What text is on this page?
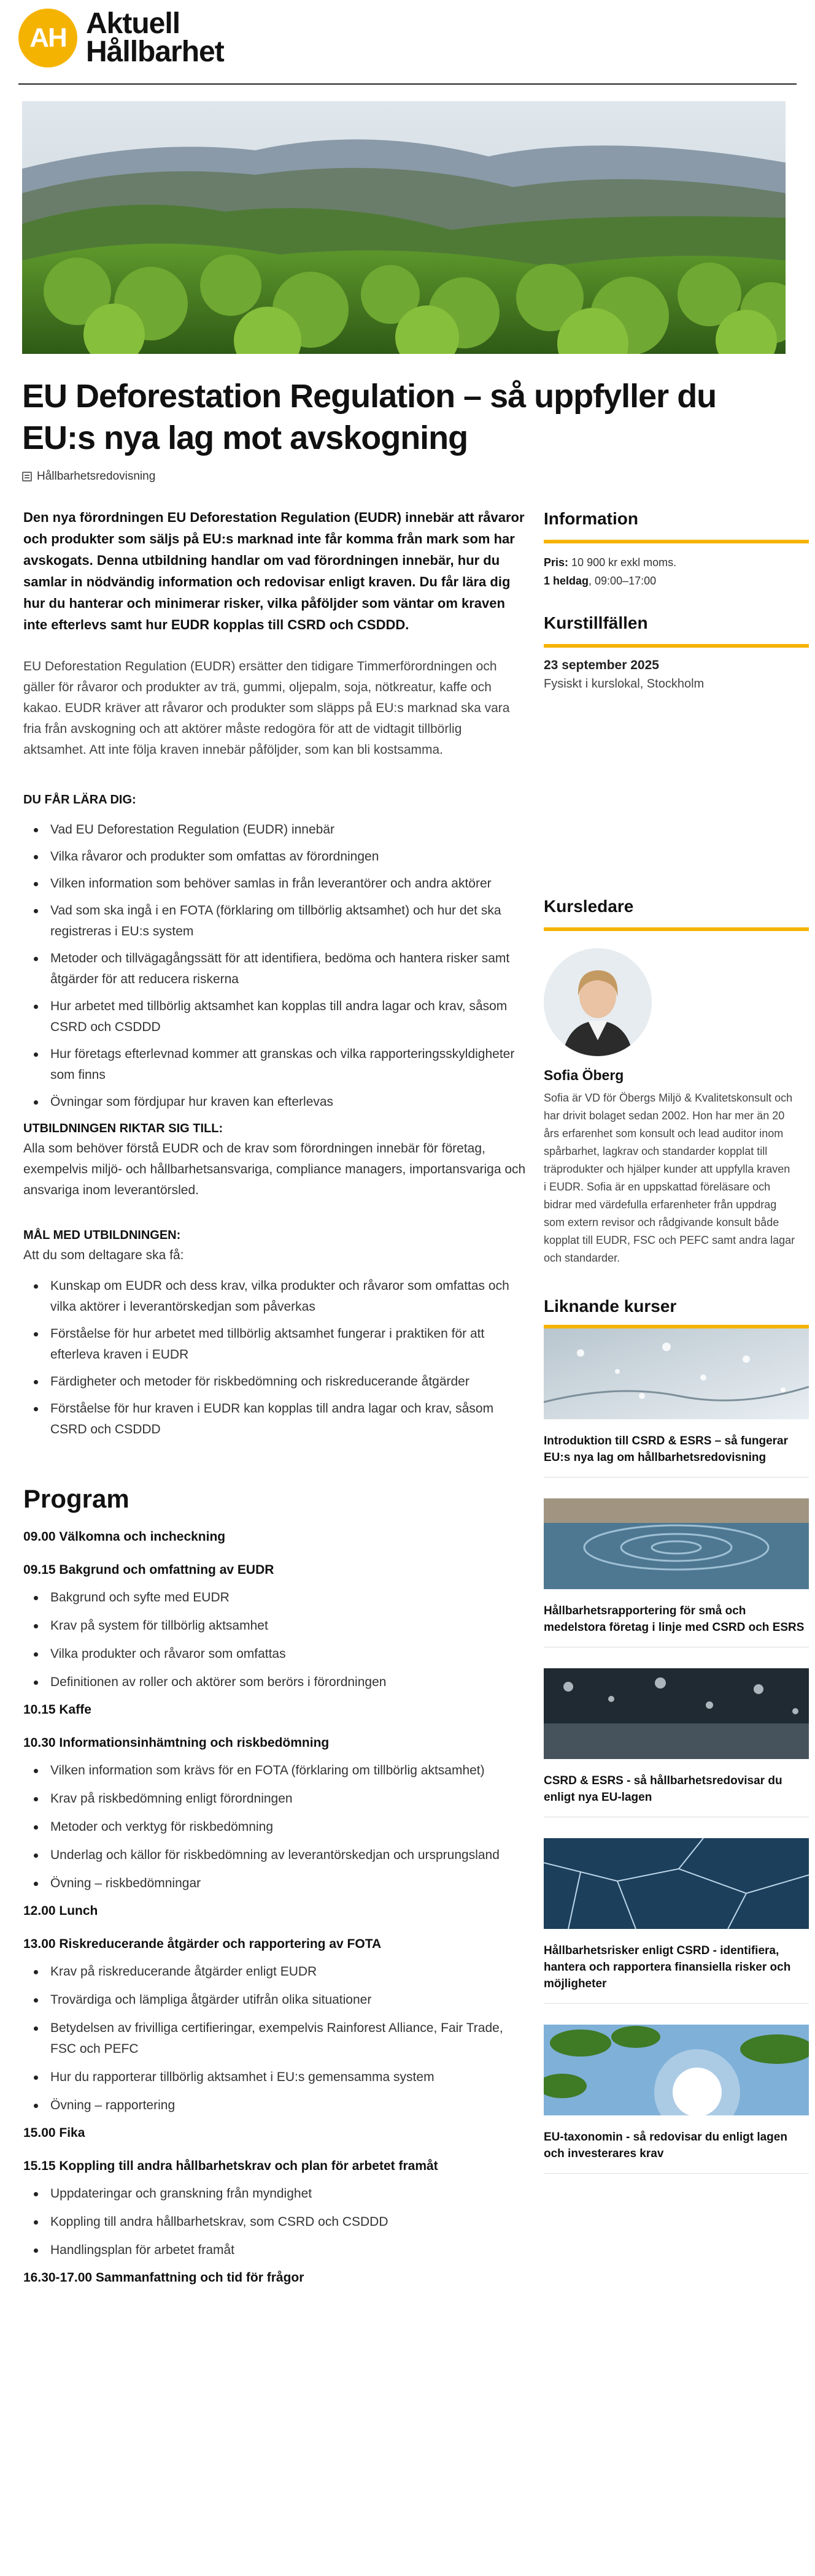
AH Aktuell
Hållbarhet
EU Deforestation Regulation – så uppfyller du EU:s nya lag mot avskogning
Hållbarhetsredovisning

Den nya förordningen EU Deforestation Regulation (EUDR) innebär att råvaror och produkter som säljs på EU:s marknad inte får komma från mark som har avskogats. Denna utbildning handlar om vad förordningen innebär, hur du samlar in nödvändig information och redovisar enligt kraven. Du får lära dig hur du hanterar och minimerar risker, vilka påföljder som väntar om kraven inte efterlevs samt hur EUDR kopplas till CSRD och CSDDD.

EU Deforestation Regulation (EUDR) ersätter den tidigare Timmerförordningen och gäller för råvaror och produkter av trä, gummi, oljepalm, soja, nötkreatur, kaffe och kakao. EUDR kräver att råvaror och produkter som släpps på EU:s marknad ska vara fria från avskogning och att aktörer måste redogöra för att de vidtagit tillbörlig aktsamhet. Att inte följa kraven innebär påföljder, som kan bli kostsamma.

DU FÅR LÄRA DIG:
Vad EU Deforestation Regulation (EUDR) innebär
Vilka råvaror och produkter som omfattas av förordningen
Vilken information som behöver samlas in från leverantörer och andra aktörer
Vad som ska ingå i en FOTA (förklaring om tillbörlig aktsamhet) och hur det ska registreras i EU:s system
Metoder och tillvägagångssätt för att identifiera, bedöma och hantera risker samt åtgärder för att reducera riskerna
Hur arbetet med tillbörlig aktsamhet kan kopplas till andra lagar och krav, såsom CSRD och CSDDD
Hur företags efterlevnad kommer att granskas och vilka rapporteringsskyldigheter som finns
Övningar som fördjupar hur kraven kan efterlevas
UTBILDNINGEN RIKTAR SIG TILL:

Alla som behöver förstå EUDR och de krav som förordningen innebär för företag, exempelvis miljö- och hållbarhetsansvariga, compliance managers, importansvariga och ansvariga inom leverantörsled.

MÅL MED UTBILDNINGEN:

Att du som deltagare ska få:

Kunskap om EUDR och dess krav, vilka produkter och råvaror som omfattas och vilka aktörer i leverantörskedjan som påverkas
Förståelse för hur arbetet med tillbörlig aktsamhet fungerar i praktiken för att efterleva kraven i EUDR
Färdigheter och metoder för riskbedömning och riskreducerande åtgärder
Förståelse för hur kraven i EUDR kan kopplas till andra lagar och krav, såsom CSRD och CSDDD
Program
09.00 Välkomna och incheckning
09.15 Bakgrund och omfattning av EUDR
Bakgrund och syfte med EUDR
Krav på system för tillbörlig aktsamhet
Vilka produkter och råvaror som omfattas
Definitionen av roller och aktörer som berörs i förordningen
10.15 Kaffe
10.30 Informationsinhämtning och riskbedömning
Vilken information som krävs för en FOTA (förklaring om tillbörlig aktsamhet)
Krav på riskbedömning enligt förordningen
Metoder och verktyg för riskbedömning
Underlag och källor för riskbedömning av leverantörskedjan och ursprungsland
Övning – riskbedömningar
12.00 Lunch
13.00 Riskreducerande åtgärder och rapportering av FOTA
Krav på riskreducerande åtgärder enligt EUDR
Trovärdiga och lämpliga åtgärder utifrån olika situationer
Betydelsen av frivilliga certifieringar, exempelvis Rainforest Alliance, Fair Trade, FSC och PEFC
Hur du rapporterar tillbörlig aktsamhet i EU:s gemensamma system
Övning – rapportering
15.00 Fika
15.15 Koppling till andra hållbarhetskrav och plan för arbetet framåt
Uppdateringar och granskning från myndighet
Koppling till andra hållbarhetskrav, som CSRD och CSDDD
Handlingsplan för arbetet framåt
16.30-17.00 Sammanfattning och tid för frågor
Information
Pris: 10 900 kr exkl moms.
1 heldag, 09:00–17:00
Kurstillfällen
23 september 2025
Fysiskt i kurslokal, Stockholm
Kursledare
Sofia Öberg

Sofia är VD för Öbergs Miljö & Kvalitetskonsult och har drivit bolaget sedan 2002. Hon har mer än 20 års erfarenhet som konsult och lead auditor inom spårbarhet, lagkrav och standarder kopplat till träprodukter och hjälper kunder att uppfylla kraven i EUDR. Sofia är en uppskattad föreläsare och bidrar med värdefulla erfarenheter från uppdrag som extern revisor och rådgivande konsult både kopplat till EUDR, FSC och PEFC samt andra lagar och standarder.

Liknande kurser
Introduktion till CSRD & ESRS – så fungerar EU:s nya lag om hållbarhetsredovisning
Hållbarhetsrapportering för små och medelstora företag i linje med CSRD och ESRS
CSRD & ESRS - så hållbarhetsredovisar du enligt nya EU-lagen
Hållbarhetsrisker enligt CSRD - identifiera, hantera och rapportera finansiella risker och möjligheter
EU-taxonomin - så redovisar du enligt lagen och investerares krav
